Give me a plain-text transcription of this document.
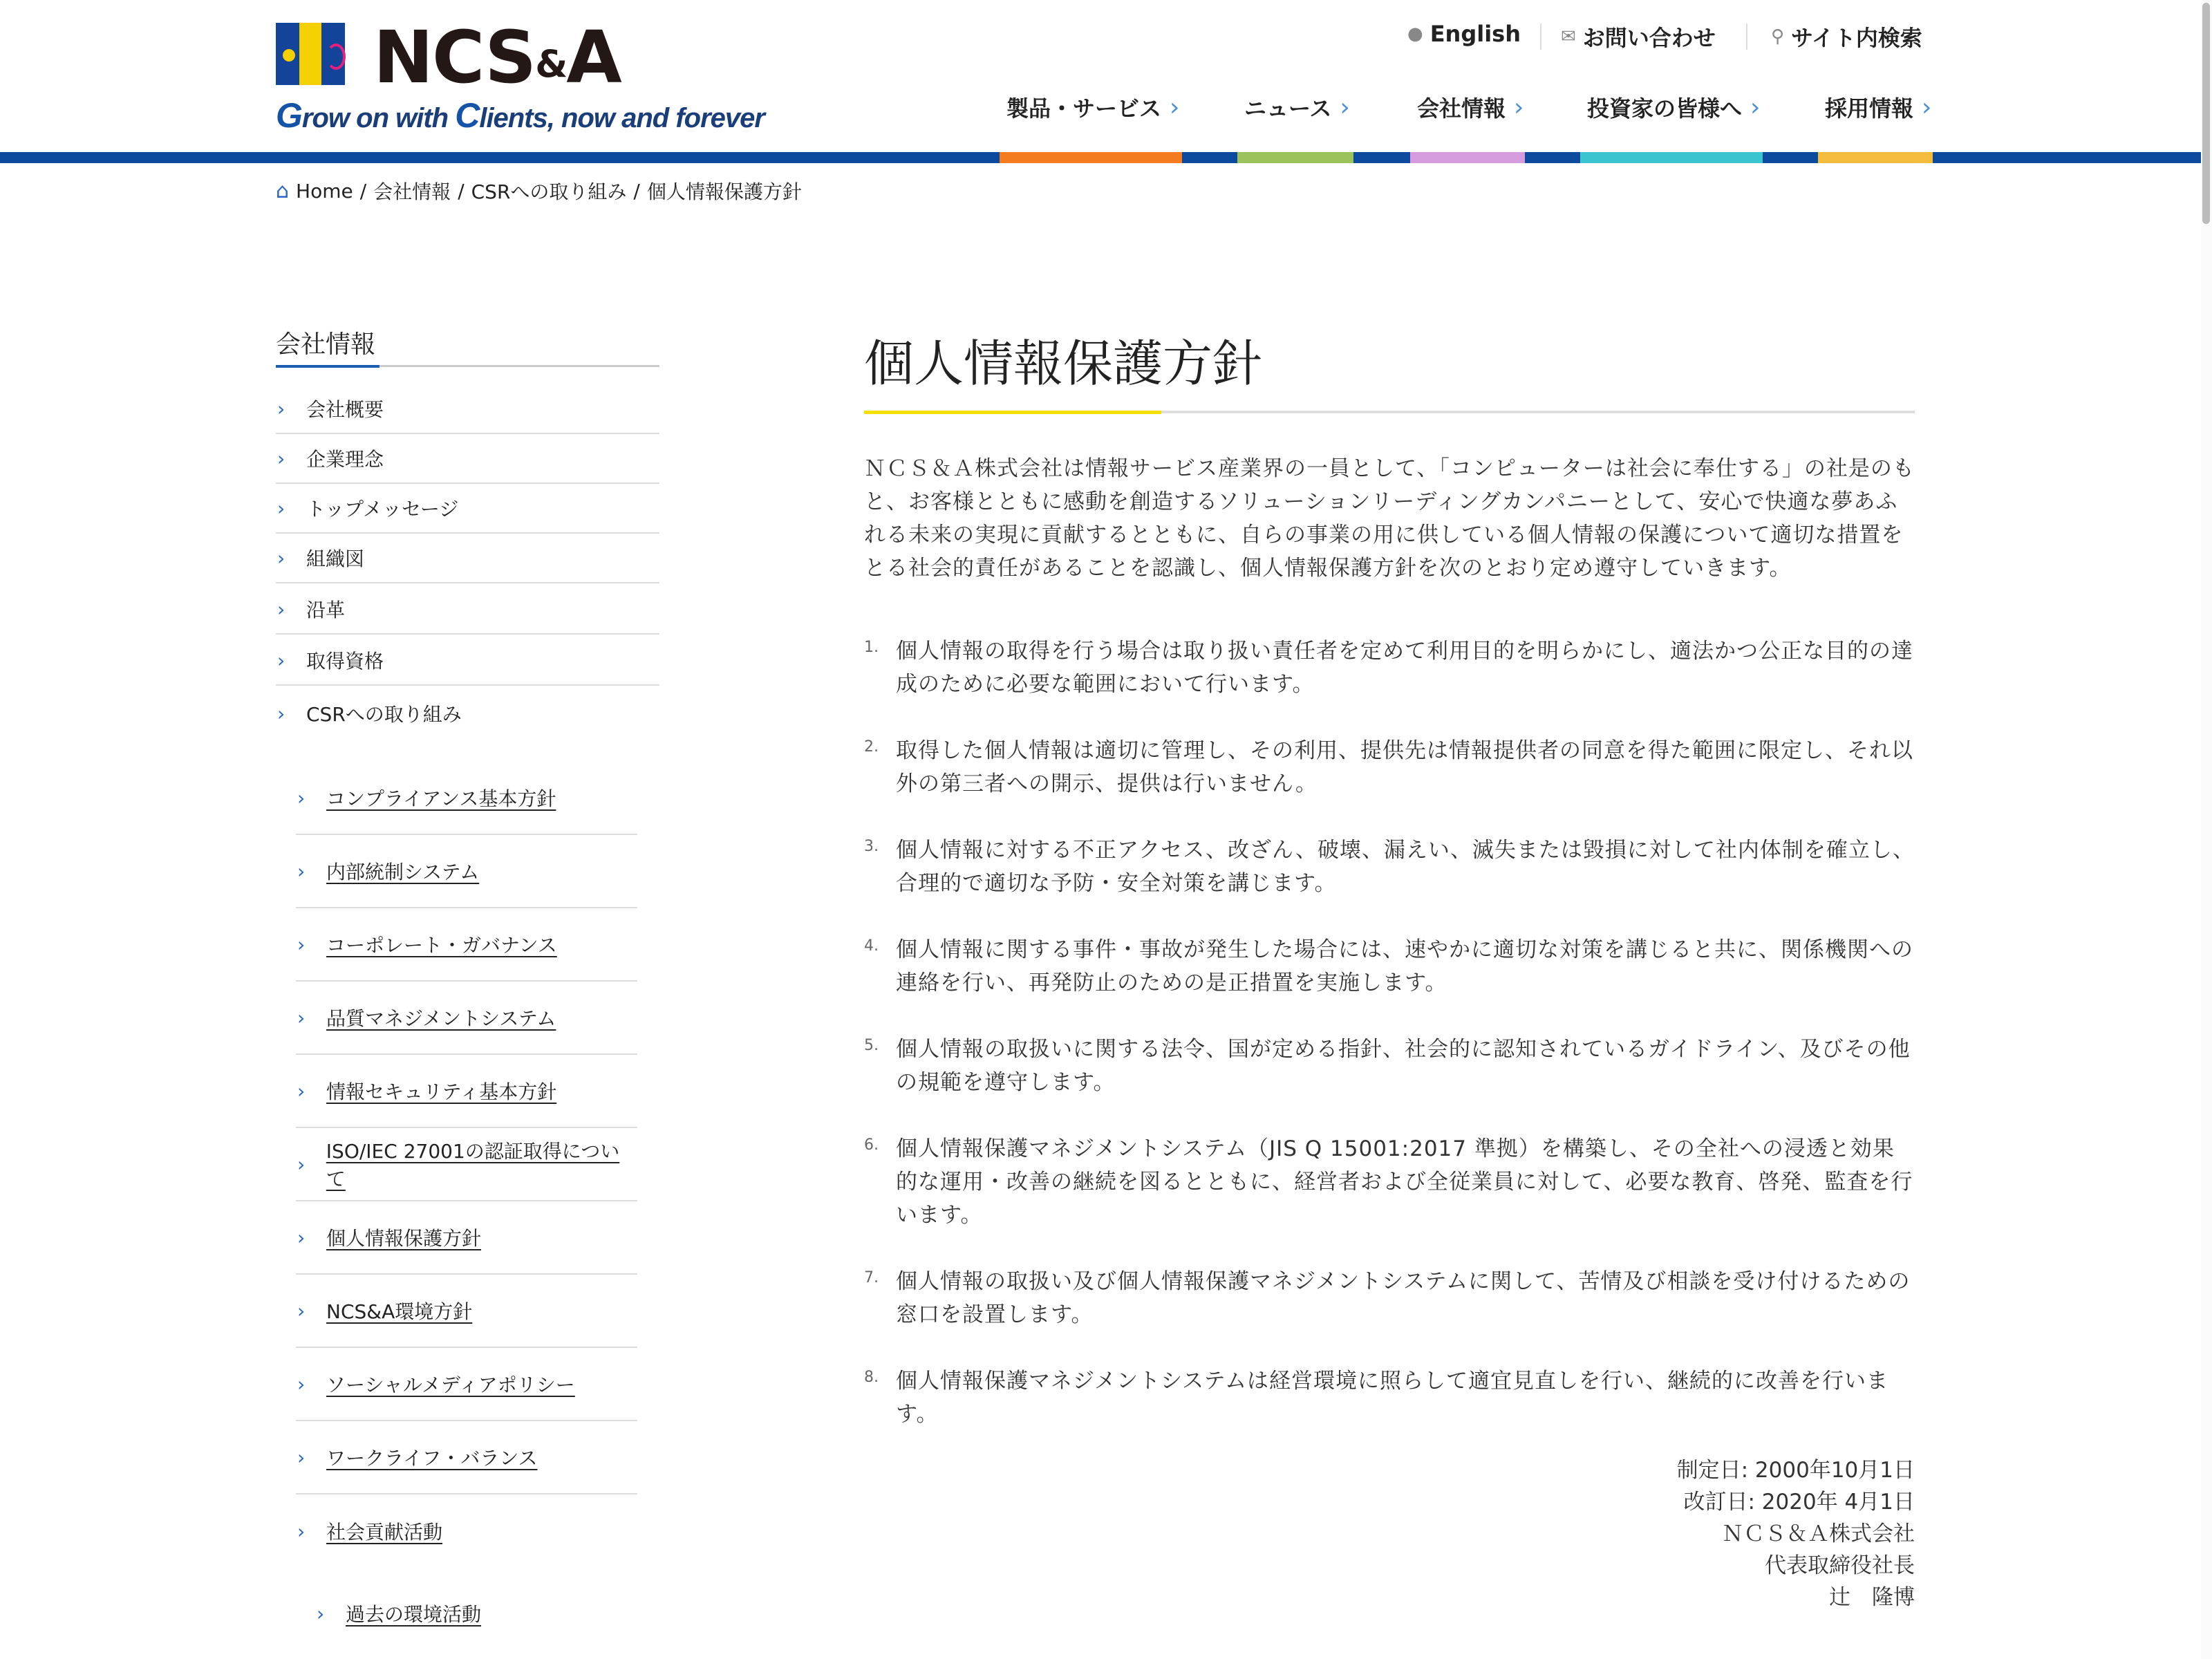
NCS&A
Grow on with Clients, now and forever
● English ✉ お問い合わせ	⚲ サイト内検索
製品・サービス ›	ニュース ›	会社情報 ›	投資家の皆様へ ›	採用情報 ›
⌂ Home / 会社情報 / CSRへの取り組み / 個人情報保護方針
会社情報
›	会社概要
›	企業理念
›	トップメッセージ
›	組織図
›	沿革
›	取得資格
›	CSRへの取り組み
›	コンプライアンス基本方針
›	内部統制システム
›	コーポレート・ガバナンス
›	品質マネジメントシステム
›	情報セキュリティ基本方針
›
ISO/IEC 27001の認証取得について
›	個人情報保護方針
›	NCS&A環境方針
›	ソーシャルメディアポリシー
›	ワークライフ・バランス
›	社会貢献活動
›	過去の環境活動
個人情報保護方針

ＮＣＳ＆Ａ株式会社は情報サービス産業界の一員として、「コンピューターは社会に奉仕する」の社是のもと、お客様とともに感動を創造するソリューションリーディングカンパニーとして、安心で快適な夢あふれる未来の実現に貢献するとともに、自らの事業の用に供している個人情報の保護について適切な措置をとる社会的責任があることを認識し、個人情報保護方針を次のとおり定め遵守していきます。

1. 個人情報の取得を行う場合は取り扱い責任者を定めて利用目的を明らかにし、適法かつ公正な目的の達成のために必要な範囲において行います。
2. 取得した個人情報は適切に管理し、その利用、提供先は情報提供者の同意を得た範囲に限定し、それ以外の第三者への開示、提供は行いません。
3. 個人情報に対する不正アクセス、改ざん、破壊、漏えい、滅失または毀損に対して社内体制を確立し、合理的で適切な予防・安全対策を講じます。
4. 個人情報に関する事件・事故が発生した場合には、速やかに適切な対策を講じると共に、関係機関への連絡を行い、再発防止のための是正措置を実施します。
5. 個人情報の取扱いに関する法令、国が定める指針、社会的に認知されているガイドライン、及びその他の規範を遵守します。
6. 個人情報保護マネジメントシステム（JIS Q 15001:2017 準拠）を構築し、その全社への浸透と効果的な運用・改善の継続を図るとともに、経営者および全従業員に対して、必要な教育、啓発、監査を行います。
7. 個人情報の取扱い及び個人情報保護マネジメントシステムに関して、苦情及び相談を受け付けるための窓口を設置します。
8. 個人情報保護マネジメントシステムは経営環境に照らして適宜見直しを行い、継続的に改善を行います。
制定日: 2000年10月1日
改訂日: 2020年 4月1日
ＮＣＳ＆Ａ株式会社
代表取締役社長
辻　隆博
